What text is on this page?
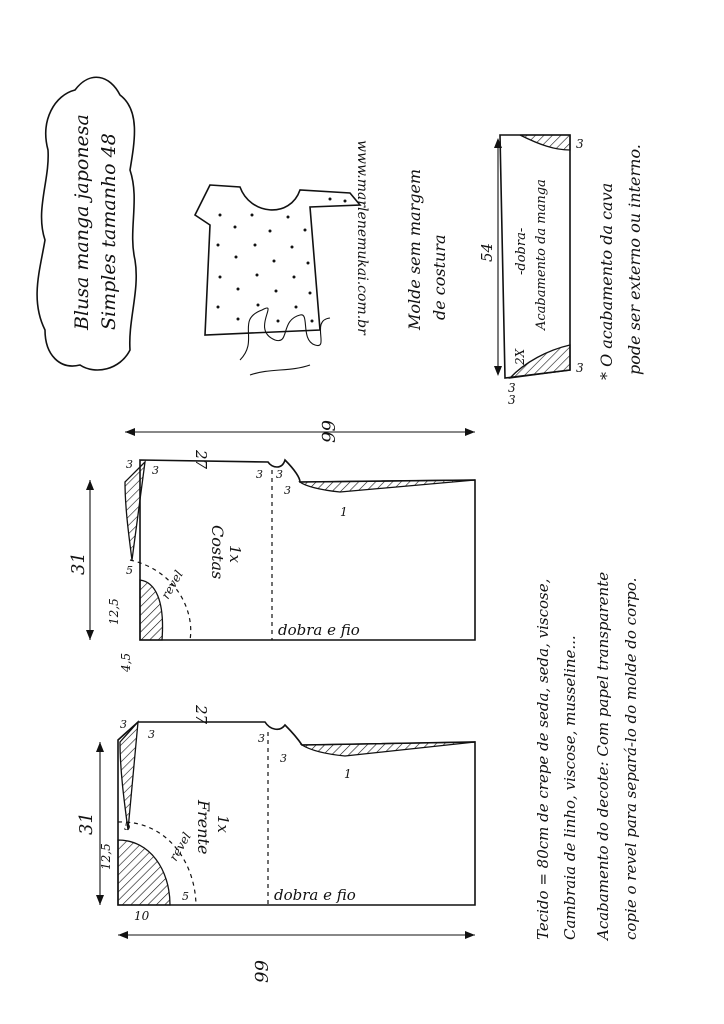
Blusa manga japonesa Simples tamanho 48	www.marlenemukai.com.br Molde sem margem de costura 54 -dobra- Acabamento da manga
2X
3
3
3
3
* O acabamento da cava pode ser externo ou interno.
66
31
27
3 3	3 3
3
12,5
4,5
5 revel
1
Costas 1x
dobra e fio
66
31
27
3
3	3
3
12,5
10
5
5
revel
1
Frente 1x
dobra e fio	Tecido = 80cm de crepe de seda, seda, viscose, Cambraia de linho, viscose, musseline... Acabamento do decote: Com papel transparente copie o revel para separá-lo do molde do corpo.
